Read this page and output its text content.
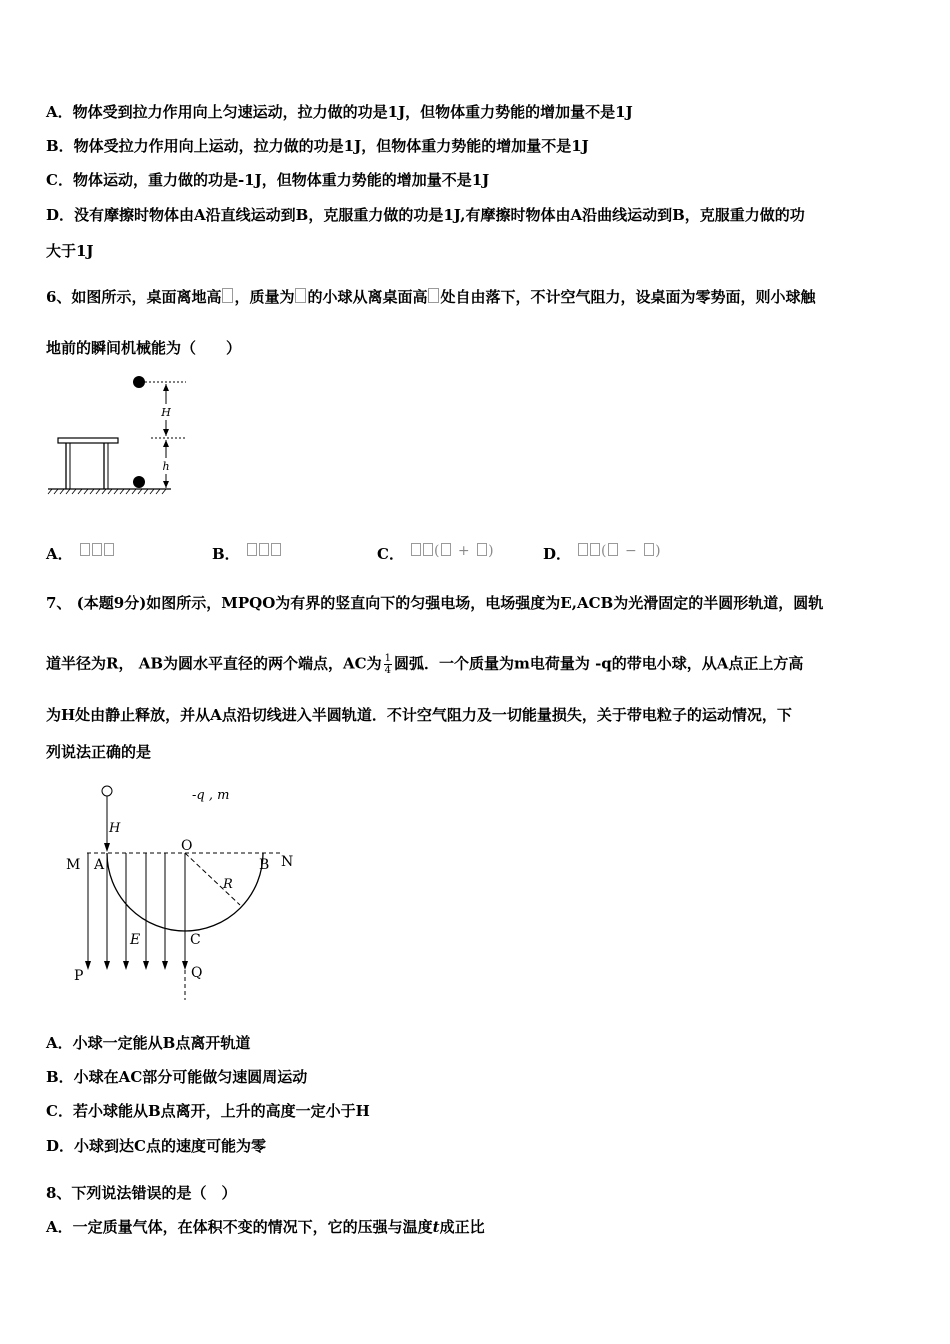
A．物体受到拉力作用向上匀速运动，拉力做的功是1J，但物体重力势能的增加量不是1J
B．物体受拉力作用向上运动，拉力做的功是1J，但物体重力势能的增加量不是1J
C．物体运动，重力做的功是-1J，但物体重力势能的增加量不是1J
D．没有摩擦时物体由A沿直线运动到B，克服重力做的功是1J,有摩擦时物体由A沿曲线运动到B，克服重力做的功
大于1J
6、如图所示，桌面离地高 ，质量为 的小球从离桌面高 处自由落下，不计空气阻力，设桌面为零势面，则小球触
地前的瞬间机械能为（　　）
H
h
A．	B．	C． ( + )	D． ( − )
7、 (本题9分)如图所示，MPQO为有界的竖直向下的匀强电场，电场强度为E,ACB为光滑固定的半圆形轨道，圆轨
道半径为R， AB为圆水平直径的两个端点，AC为 $\frac{1}{4}$ 圆弧．一个质量为m电荷量为 -q的带电小球，从A点正上方高
为H处由静止释放，并从A点沿切线进入半圆轨道．不计空气阻力及一切能量损失，关于带电粒子的运动情况，下
列说法正确的是
-q , m
H
M A
O
B N
R
E	C
P	Q
A．小球一定能从B点离开轨道
B．小球在AC部分可能做匀速圆周运动
C．若小球能从B点离开，上升的高度一定小于H
D．小球到达C点的速度可能为零
8、下列说法错误的是（　）
A．一定质量气体，在体积不变的情况下，它的压强与温度t成正比
